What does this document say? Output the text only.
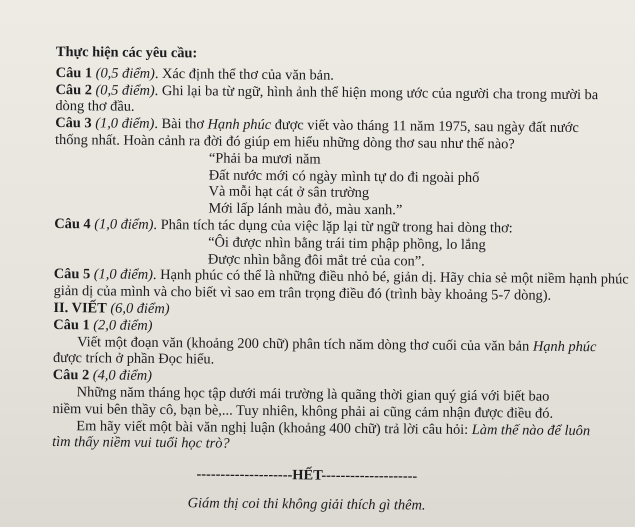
Thực hiện các yêu cầu:
Câu 1 (0,5 điểm). Xác định thể thơ của văn bản.
Câu 2 (0,5 điểm). Ghi lại ba từ ngữ, hình ảnh thể hiện mong ước của người cha trong mười ba
dòng thơ đầu.
Câu 3 (1,0 điểm). Bài thơ Hạnh phúc được viết vào tháng 11 năm 1975, sau ngày đất nước
thống nhất. Hoàn cảnh ra đời đó giúp em hiểu những dòng thơ sau như thế nào?
“Phải ba mươi năm
Đất nước mới có ngày mình tự do đi ngoài phố
Và mỗi hạt cát ở sân trường
Mới lấp lánh màu đỏ, màu xanh.”
Câu 4 (1,0 điểm). Phân tích tác dụng của việc lặp lại từ ngữ trong hai dòng thơ:
“Ôi được nhìn bằng trái tim phập phồng, lo lắng
Được nhìn bằng đôi mắt trẻ của con”.
Câu 5 (1,0 điểm). Hạnh phúc có thể là những điều nhỏ bé, giản dị. Hãy chia sẻ một niềm hạnh phúc
giản dị của mình và cho biết vì sao em trân trọng điều đó (trình bày khoảng 5-7 dòng).
II. VIẾT (6,0 điểm)
Câu 1 (2,0 điểm)
Viết một đoạn văn (khoảng 200 chữ) phân tích năm dòng thơ cuối của văn bản Hạnh phúc
được trích ở phần Đọc hiểu.
Câu 2 (4,0 điểm)
Những năm tháng học tập dưới mái trường là quãng thời gian quý giá với biết bao
niềm vui bên thầy cô, bạn bè,... Tuy nhiên, không phải ai cũng cảm nhận được điều đó.
Em hãy viết một bài văn nghị luận (khoảng 400 chữ) trả lời câu hỏi: Làm thế nào để luôn
tìm thấy niềm vui tuổi học trò?
--------------------HẾT--------------------
Giám thị coi thi không giải thích gì thêm.
